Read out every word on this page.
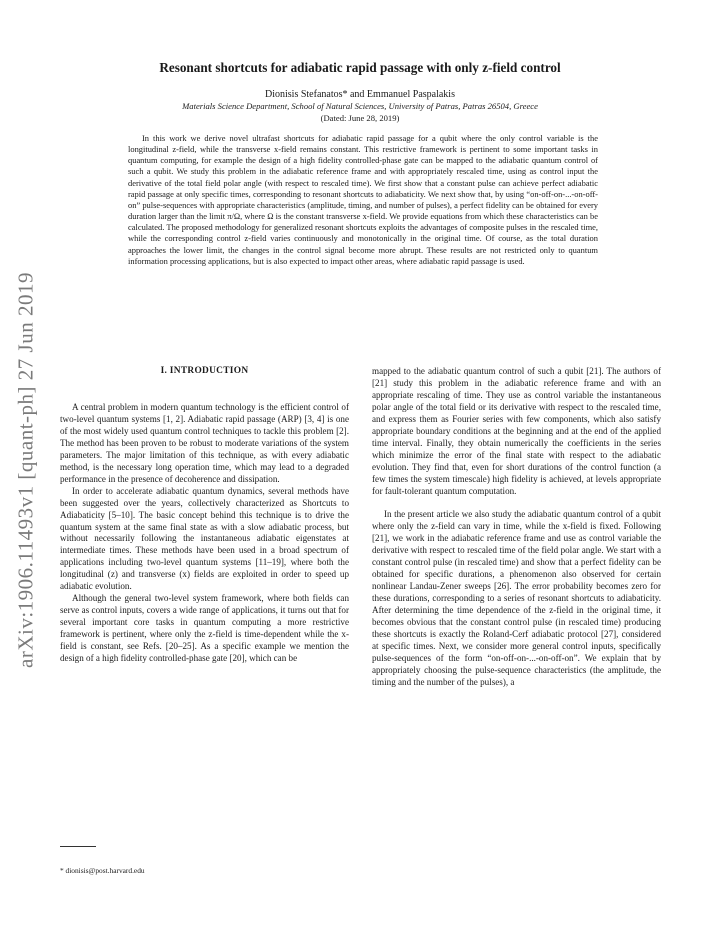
arXiv:1906.11493v1 [quant-ph] 27 Jun 2019
Resonant shortcuts for adiabatic rapid passage with only z-field control
Dionisis Stefanatos* and Emmanuel Paspalakis
Materials Science Department, School of Natural Sciences, University of Patras, Patras 26504, Greece
(Dated: June 28, 2019)

In this work we derive novel ultrafast shortcuts for adiabatic rapid passage for a qubit where the only control variable is the longitudinal z-field, while the transverse x-field remains constant. This restrictive framework is pertinent to some important tasks in quantum computing, for example the design of a high fidelity controlled-phase gate can be mapped to the adiabatic quantum control of such a qubit. We study this problem in the adiabatic reference frame and with appropriately rescaled time, using as control input the derivative of the total field polar angle (with respect to rescaled time). We first show that a constant pulse can achieve perfect adiabatic rapid passage at only specific times, corresponding to resonant shortcuts to adiabaticity. We next show that, by using “on-off-on-...-on-off-on” pulse-sequences with appropriate characteristics (amplitude, timing, and number of pulses), a perfect fidelity can be obtained for every duration larger than the limit π/Ω, where Ω is the constant transverse x-field. We provide equations from which these characteristics can be calculated. The proposed methodology for generalized resonant shortcuts exploits the advantages of composite pulses in the rescaled time, while the corresponding control z-field varies continuously and monotonically in the original time. Of course, as the total duration approaches the lower limit, the changes in the control signal become more abrupt. These results are not restricted only to quantum information processing applications, but is also expected to impact other areas, where adiabatic rapid passage is used.

I. INTRODUCTION

A central problem in modern quantum technology is the efficient control of two-level quantum systems [1, 2]. Adiabatic rapid passage (ARP) [3, 4] is one of the most widely used quantum control techniques to tackle this problem [2]. The method has been proven to be robust to moderate variations of the system parameters. The major limitation of this technique, as with every adiabatic method, is the necessary long operation time, which may lead to a degraded performance in the presence of decoherence and dissipation.

In order to accelerate adiabatic quantum dynamics, several methods have been suggested over the years, collectively characterized as Shortcuts to Adiabaticity [5–10]. The basic concept behind this technique is to drive the quantum system at the same final state as with a slow adiabatic process, but without necessarily following the instantaneous adiabatic eigenstates at intermediate times. These methods have been used in a broad spectrum of applications including two-level quantum systems [11–19], where both the longitudinal (z) and transverse (x) fields are exploited in order to speed up adiabatic evolution.

Although the general two-level system framework, where both fields can serve as control inputs, covers a wide range of applications, it turns out that for several important core tasks in quantum computing a more restrictive framework is pertinent, where only the z-field is time-dependent while the x-field is constant, see Refs. [20–25]. As a specific example we mention the design of a high fidelity controlled-phase gate [20], which can be

mapped to the adiabatic quantum control of such a qubit [21]. The authors of [21] study this problem in the adiabatic reference frame and with an appropriate rescaling of time. They use as control variable the instantaneous polar angle of the total field or its derivative with respect to the rescaled time, and express them as Fourier series with few components, which also satisfy appropriate boundary conditions at the beginning and at the end of the applied time interval. Finally, they obtain numerically the coefficients in the series which minimize the error of the final state with respect to the adiabatic evolution. They find that, even for short durations of the control function (a few times the system timescale) high fidelity is achieved, at levels appropriate for fault-tolerant quantum computation.

In the present article we also study the adiabatic quantum control of a qubit where only the z-field can vary in time, while the x-field is fixed. Following [21], we work in the adiabatic reference frame and use as control variable the derivative with respect to rescaled time of the field polar angle. We start with a constant control pulse (in rescaled time) and show that a perfect fidelity can be obtained for specific durations, a phenomenon also observed for certain nonlinear Landau-Zener sweeps [26]. The error probability becomes zero for these durations, corresponding to a series of resonant shortcuts to adiabaticity. After determining the time dependence of the z-field in the original time, it becomes obvious that the constant control pulse (in rescaled time) producing these shortcuts is exactly the Roland-Cerf adiabatic protocol [27], considered at specific times. Next, we consider more general control inputs, specifically pulse-sequences of the form “on-off-on-...-on-off-on”. We explain that by appropriately choosing the pulse-sequence characteristics (the amplitude, the timing and the number of the pulses), a

* dionisis@post.harvard.edu
